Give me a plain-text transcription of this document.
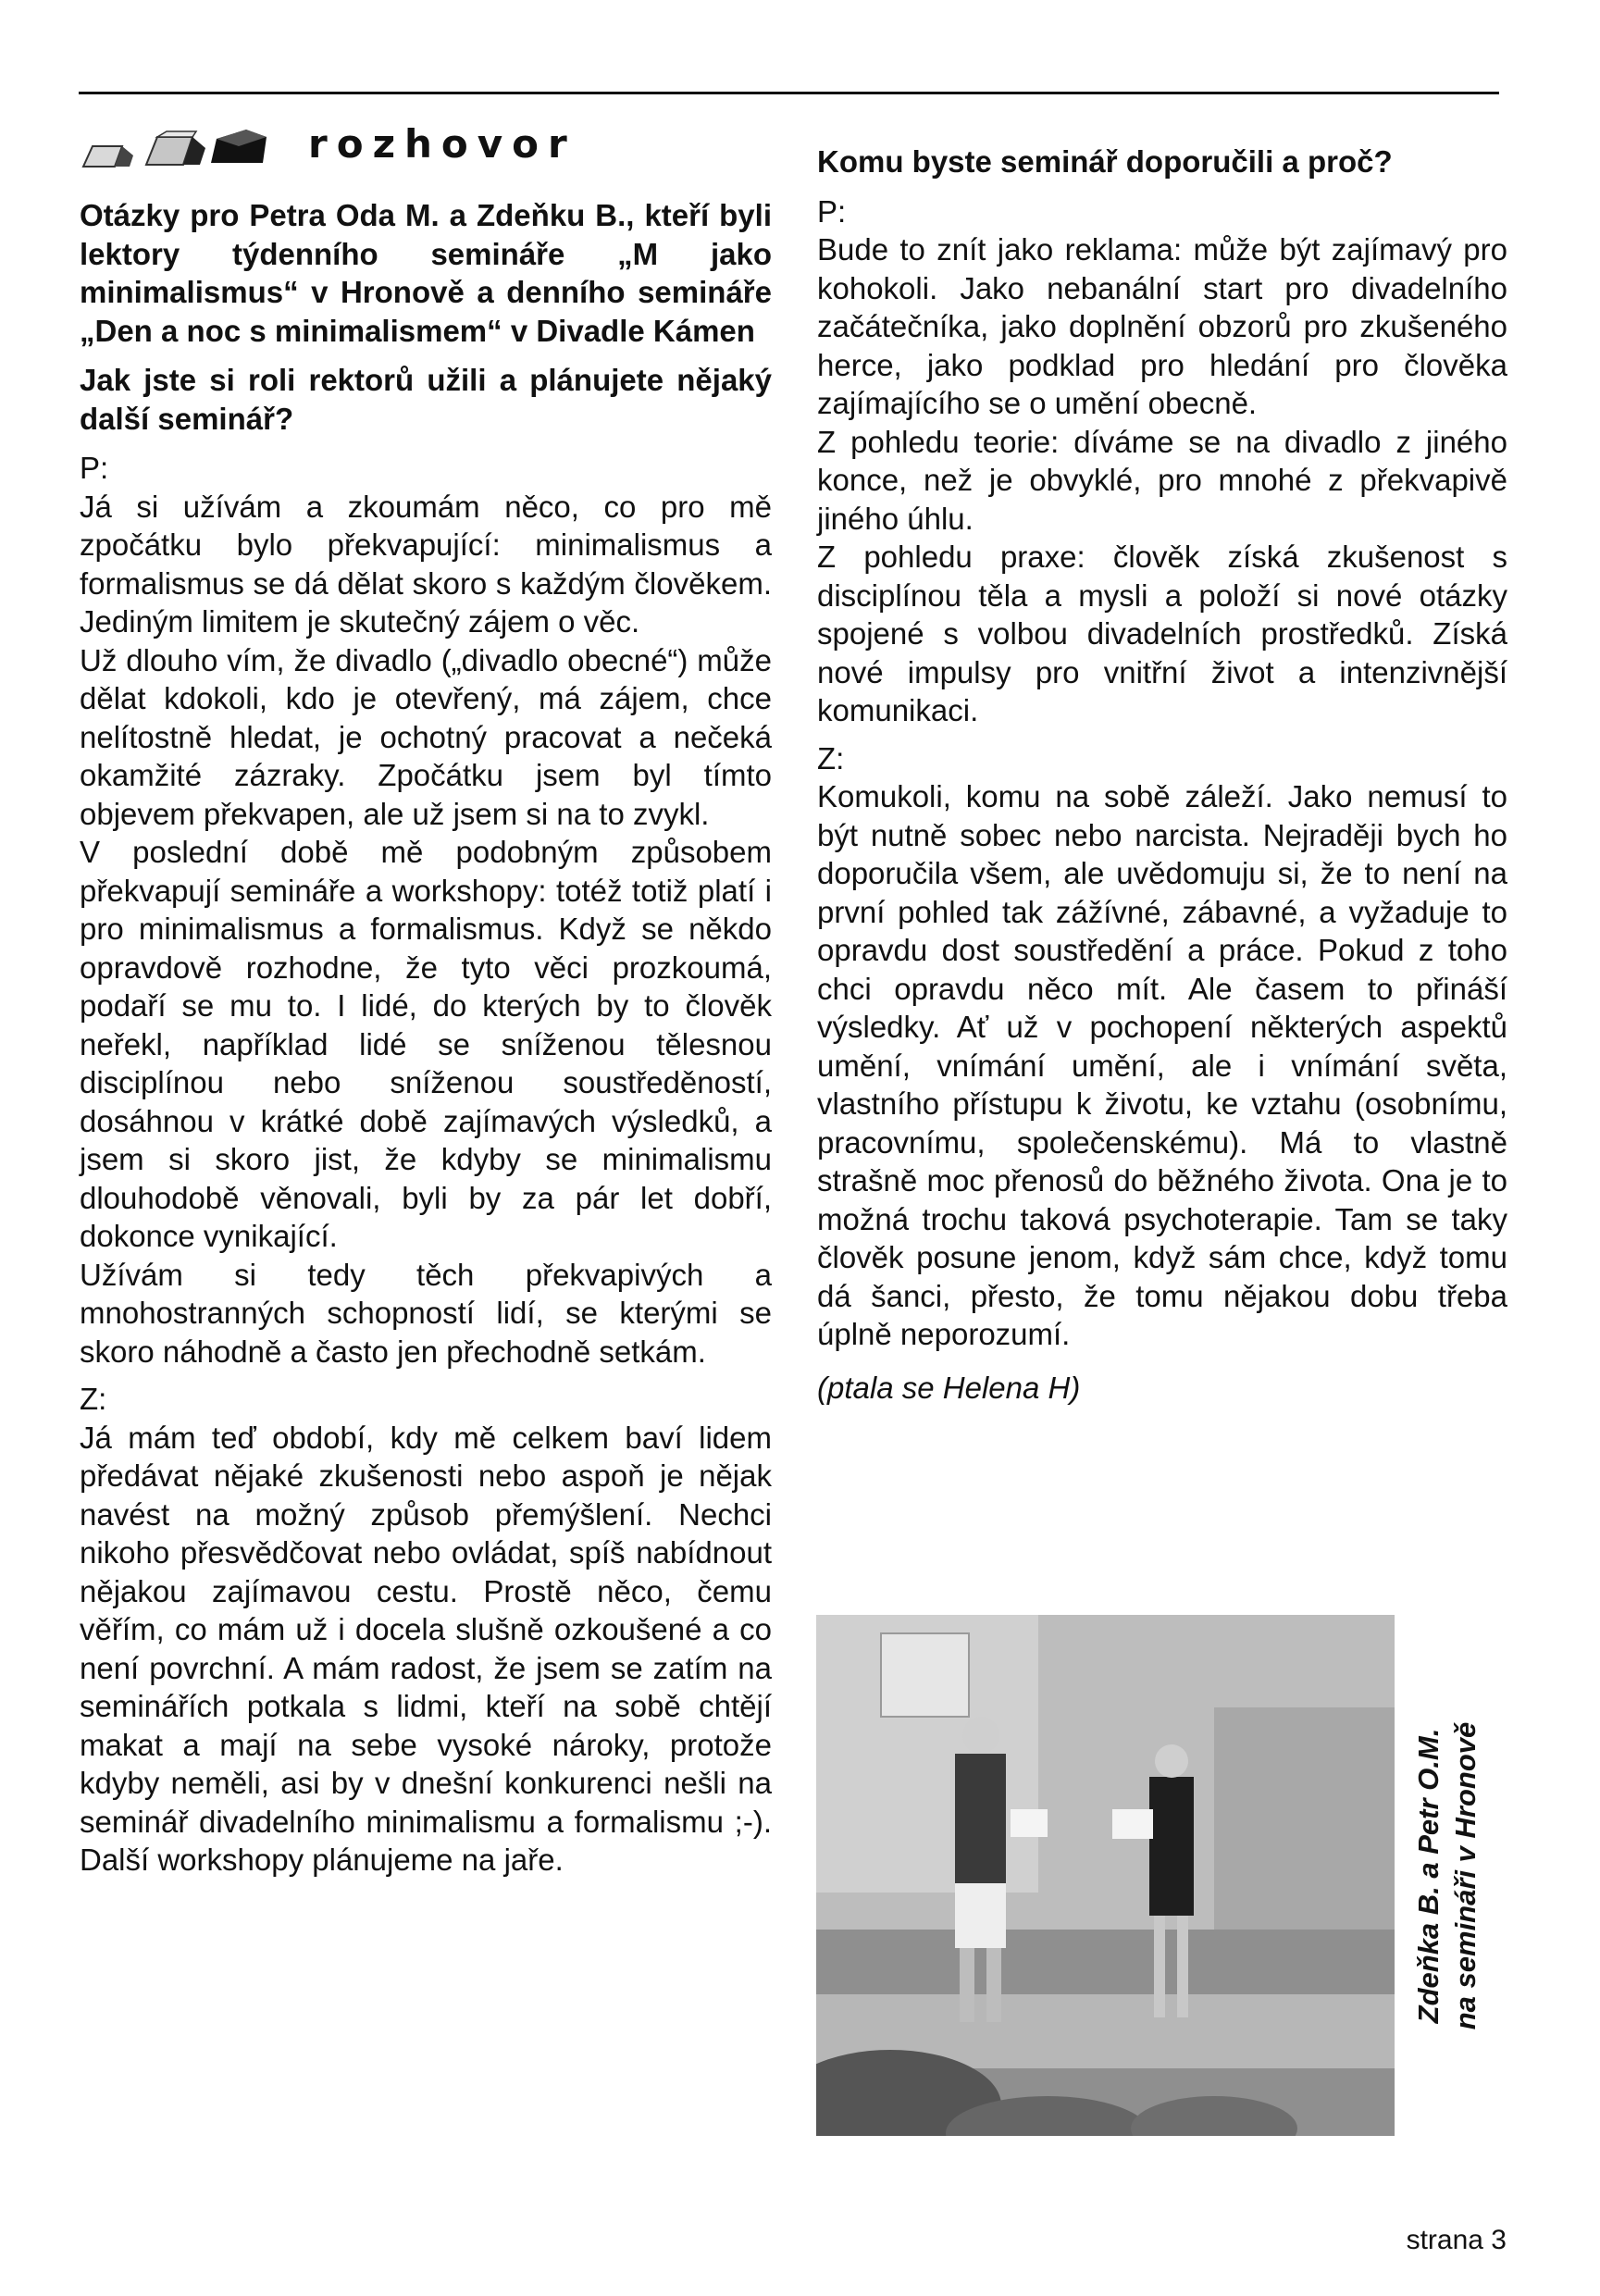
rozhovor

Otázky pro Petra Oda M. a Zdeňku B., kteří byli lektory týdenního semináře „M jako minimalismus“ v Hronově a denního semináře „Den a noc s minimalismem“ v Divadle Kámen

Jak jste si roli rektorů užili a plánujete nějaký další seminář?

P:

Já si užívám a zkoumám něco, co pro mě zpočátku bylo překvapující: minimalismus a formalismus se dá dělat skoro s každým člověkem. Jediným limitem je skutečný zájem o věc.

Už dlouho vím, že divadlo („divadlo obecné“) může dělat kdokoli, kdo je otevřený, má zájem, chce nelítostně hledat, je ochotný pracovat a nečeká okamžité zázraky. Zpočátku jsem byl tímto objevem překvapen, ale už jsem si na to zvykl.

V poslední době mě podobným způsobem překvapují semináře a workshopy: totéž totiž platí i pro minimalismus a formalismus. Když se někdo opravdově rozhodne, že tyto věci prozkoumá, podaří se mu to. I lidé, do kterých by to člověk neřekl, například lidé se sníženou tělesnou disciplínou nebo sníženou soustředěností, dosáhnou v krátké době zajímavých výsledků, a jsem si skoro jist, že kdyby se minimalismu dlouhodobě věnovali, byli by za pár let dobří, dokonce vynikající.

Užívám si tedy těch překvapivých a mnohostranných schopností lidí, se kterými se skoro náhodně a často jen přechodně setkám.

Z:

Já mám teď období, kdy mě celkem baví lidem předávat nějaké zkušenosti nebo aspoň je nějak navést na možný způsob přemýšlení. Nechci nikoho přesvědčovat nebo ovládat, spíš nabídnout nějakou zajímavou cestu. Prostě něco, čemu věřím, co mám už i docela slušně ozkoušené a co není povrchní. A mám radost, že jsem se zatím na seminářích potkala s lidmi, kteří na sobě chtějí makat a mají na sebe vysoké nároky, protože kdyby neměli, asi by v dnešní konkurenci nešli na seminář divadelního minimalismu a formalismu ;-). Další workshopy plánujeme na jaře.

Komu byste seminář doporučili a proč?

P:

Bude to znít jako reklama: může být zajímavý pro kohokoli. Jako nebanální start pro divadelního začátečníka, jako doplnění obzorů pro zkušeného herce, jako podklad pro hledání pro člověka zajímajícího se o umění obecně.

Z pohledu teorie: díváme se na divadlo z jiného konce, než je obvyklé, pro mnohé z překvapivě jiného úhlu.

Z pohledu praxe: člověk získá zkušenost s disciplínou těla a mysli a položí si nové otázky spojené s volbou divadelních prostředků. Získá nové impulsy pro vnitřní život a intenzivnější komunikaci.

Z:

Komukoli, komu na sobě záleží. Jako nemusí to být nutně sobec nebo narcista. Nejraději bych ho doporučila všem, ale uvědomuju si, že to není na první pohled tak zážívné, zábavné, a vyžaduje to opravdu dost soustředění a práce. Pokud z toho chci opravdu něco mít. Ale časem to přináší výsledky. Ať už v pochopení některých aspektů umění, vnímání umění, ale i vnímání světa, vlastního přístupu k životu, ke vztahu (osobnímu, pracovnímu, společenskému). Má to vlastně strašně moc přenosů do běžného života. Ona je to možná trochu taková psychoterapie. Tam se taky člověk posune jenom, když sám chce, když tomu dá šanci, přesto, že tomu nějakou dobu třeba úplně neporozumí.

(ptala se Helena H)

Zdeňka B. a Petr O.M. na semináři v Hronově
strana 3
